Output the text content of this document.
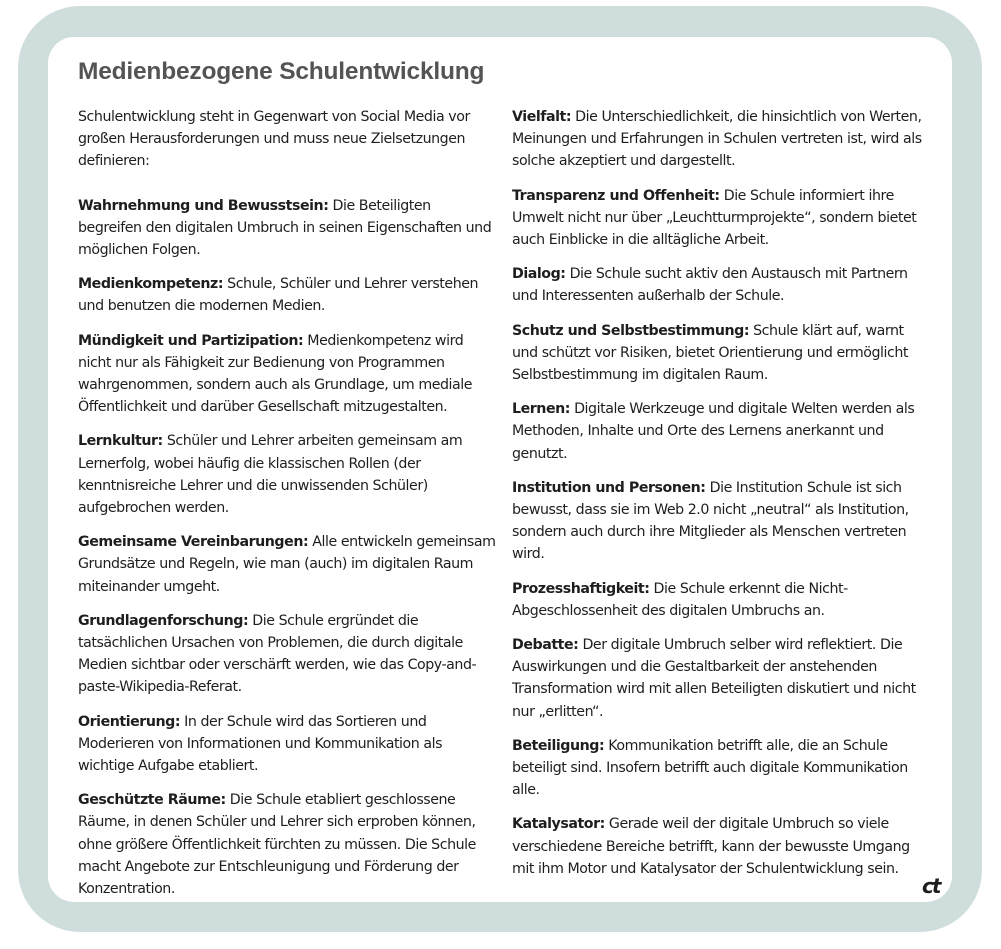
Medienbezogene Schulentwicklung

Schulentwicklung steht in Gegenwart von Social Media vor großen Herausforderungen und muss neue Zielsetzungen definieren:

Wahrnehmung und Bewusstsein: Die Beteiligten begreifen den digitalen Umbruch in seinen Eigenschaften und möglichen Folgen.

Medienkompetenz: Schule, Schüler und Lehrer verstehen und benutzen die modernen Medien.

Mündigkeit und Partizipation: Medienkompetenz wird nicht nur als Fähigkeit zur Bedienung von Programmen wahrgenommen, sondern auch als Grundlage, um mediale Öffentlichkeit und darüber Gesellschaft mitzugestalten.

Lernkultur: Schüler und Lehrer arbeiten gemeinsam am Lernerfolg, wobei häufig die klassischen Rollen (der kenntnisreiche Lehrer und die unwissenden Schüler) aufgebrochen werden.

Gemeinsame Vereinbarungen: Alle entwickeln gemeinsam Grundsätze und Regeln, wie man (auch) im digitalen Raum miteinander umgeht.

Grundlagenforschung: Die Schule ergründet die tatsächlichen Ursachen von Problemen, die durch digitale Medien sichtbar oder verschärft werden, wie das Copy-and-paste-Wikipedia-Referat.

Orientierung: In der Schule wird das Sortieren und Moderieren von Informationen und Kommunikation als wichtige Aufgabe etabliert.

Geschützte Räume: Die Schule etabliert geschlossene Räume, in denen Schüler und Lehrer sich erproben können, ohne größere Öffentlichkeit fürchten zu müssen. Die Schule macht Angebote zur Entschleunigung und Förderung der Konzentration.

Vielfalt: Die Unterschiedlichkeit, die hinsichtlich von Werten, Meinungen und Erfahrungen in Schulen vertreten ist, wird als solche akzeptiert und dargestellt.

Transparenz und Offenheit: Die Schule informiert ihre Umwelt nicht nur über „Leuchtturmprojekte“, sondern bietet auch Einblicke in die alltägliche Arbeit.

Dialog: Die Schule sucht aktiv den Austausch mit Partnern und Interessenten außerhalb der Schule.

Schutz und Selbstbestimmung: Schule klärt auf, warnt und schützt vor Risiken, bietet Orientierung und ermöglicht Selbstbestimmung im digitalen Raum.

Lernen: Digitale Werkzeuge und digitale Welten werden als Methoden, Inhalte und Orte des Lernens anerkannt und genutzt.

Institution und Personen: Die Institution Schule ist sich bewusst, dass sie im Web 2.0 nicht „neutral“ als Institution, sondern auch durch ihre Mitglieder als Menschen vertreten wird.

Prozesshaftigkeit: Die Schule erkennt die Nicht-Abgeschlossenheit des digitalen Umbruchs an.

Debatte: Der digitale Umbruch selber wird reflektiert. Die Auswirkungen und die Gestaltbarkeit der anstehenden Transformation wird mit allen Beteiligten diskutiert und nicht nur „erlitten“.

Beteiligung: Kommunikation betrifft alle, die an Schule beteiligt sind. Insofern betrifft auch digitale Kommunikation alle.

Katalysator: Gerade weil der digitale Umbruch so viele verschiedene Bereiche betrifft, kann der bewusste Umgang mit ihm Motor und Katalysator der Schulentwicklung sein.

ct
